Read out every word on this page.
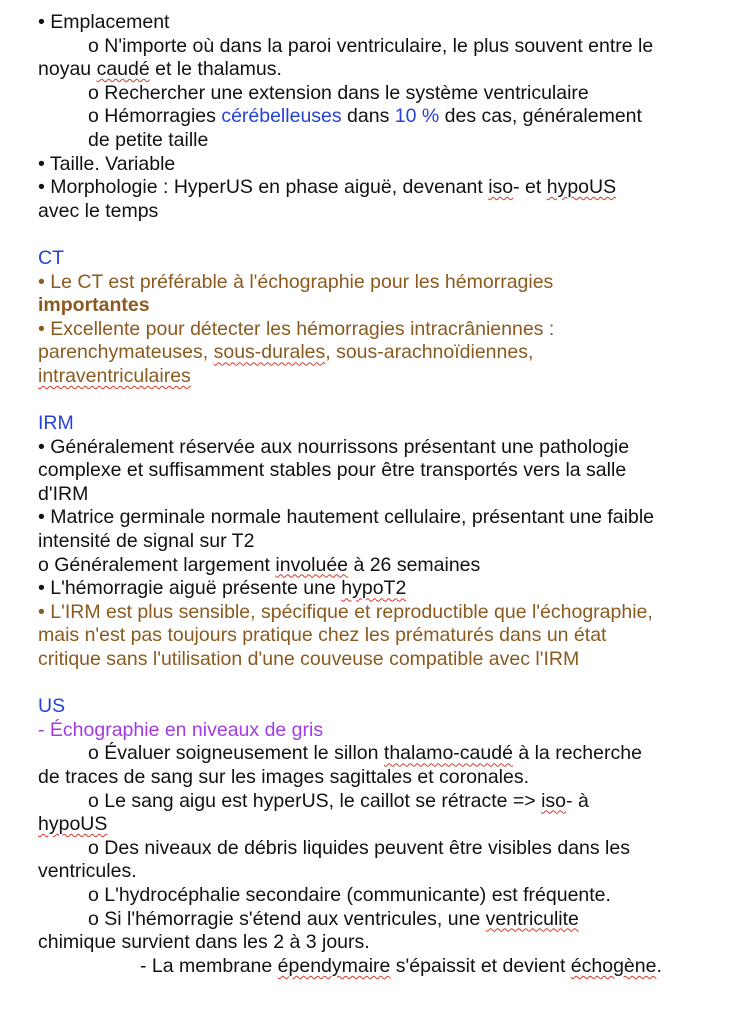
• Emplacement

o N'importe où dans la paroi ventriculaire, le plus souvent entre le

noyau caudé et le thalamus.

o Rechercher une extension dans le système ventriculaire

o Hémorragies cérébelleuses dans 10 % des cas, généralement

de petite taille

• Taille. Variable

• Morphologie : HyperUS en phase aiguë, devenant iso- et hypoUS

avec le temps

CT

• Le CT est préférable à l'échographie pour les hémorragies

importantes

• Excellente pour détecter les hémorragies intracrâniennes :

parenchymateuses, sous-durales, sous-arachnoïdiennes,

intraventriculaires

IRM

• Généralement réservée aux nourrissons présentant une pathologie

complexe et suffisamment stables pour être transportés vers la salle

d'IRM

• Matrice germinale normale hautement cellulaire, présentant une faible

intensité de signal sur T2

o Généralement largement involuée à 26 semaines

• L'hémorragie aiguë présente une hypoT2

• L'IRM est plus sensible, spécifique et reproductible que l'échographie,

mais n'est pas toujours pratique chez les prématurés dans un état

critique sans l'utilisation d'une couveuse compatible avec l'IRM

US

- Échographie en niveaux de gris

o Évaluer soigneusement le sillon thalamo-caudé à la recherche

de traces de sang sur les images sagittales et coronales.

o Le sang aigu est hyperUS, le caillot se rétracte => iso- à

hypoUS

o Des niveaux de débris liquides peuvent être visibles dans les

ventricules.

o L'hydrocéphalie secondaire (communicante) est fréquente.

o Si l'hémorragie s'étend aux ventricules, une ventriculite

chimique survient dans les 2 à 3 jours.

- La membrane épendymaire s'épaissit et devient échogène.
